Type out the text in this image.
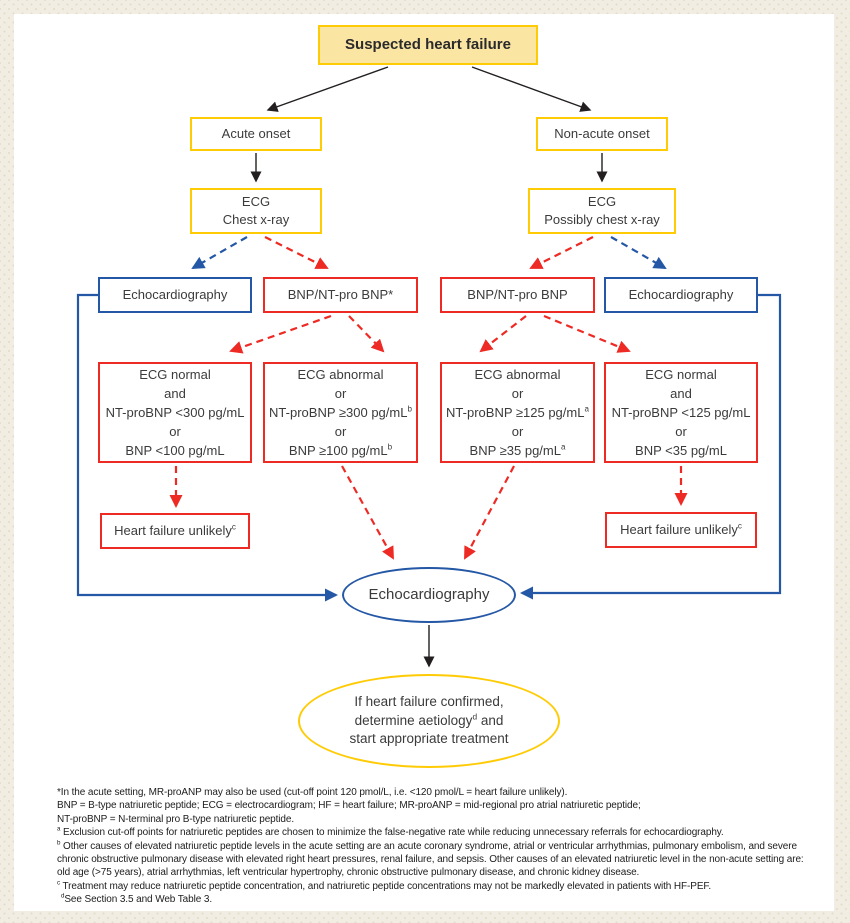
Suspected heart failure
Acute onset	Non-acute onset
ECG
Chest x-ray
ECG
Possibly chest x-ray
Echocardiography	BNP/NT-pro BNP*	BNP/NT-pro BNP	Echocardiography
ECG normal
and
NT-proBNP <300 pg/mL
or
BNP <100 pg/mL
ECG abnormal
or
NT-proBNP ≥300 $pg/mL^b$
or
BNP ≥100 $pg/mL^b$
ECG abnormal
or
NT-proBNP ≥125 $pg/mL^a$
or
BNP ≥35 $pg/mL^a$
ECG normal
and
NT-proBNP <125 pg/mL
or
BNP <35 pg/mL
Heart failure unlikely$^c$	Heart failure unlikely$^c$
Echocardiography
If heart failure confirmed,
determine aetiology$^d$ and
start appropriate treatment
*In the acute setting, MR-proANP may also be used (cut-off point 120 pmol/L, i.e. <120 pmol/L = heart failure unlikely).
BNP = B-type natriuretic peptide; ECG = electrocardiogram; HF = heart failure; MR-proANP = mid-regional pro atrial natriuretic peptide;
NT-proBNP = N-terminal pro B-type natriuretic peptide.
$^a$ Exclusion cut-off points for natriuretic peptides are chosen to minimize the false-negative rate while reducing unnecessary referrals for echocardiography.
$^b$ Other causes of elevated natriuretic peptide levels in the acute setting are an acute coronary syndrome, atrial or ventricular arrhythmias, pulmonary embolism, and severe
chronic obstructive pulmonary disease with elevated right heart pressures, renal failure, and sepsis. Other causes of an elevated natriuretic level in the non-acute setting are:
old age (>75 years), atrial arrhythmias, left ventricular hypertrophy, chronic obstructive pulmonary disease, and chronic kidney disease.
$^c$ Treatment may reduce natriuretic peptide concentration, and natriuretic peptide concentrations may not be markedly elevated in patients with HF-PEF.
$^d$See Section 3.5 and Web Table 3.
